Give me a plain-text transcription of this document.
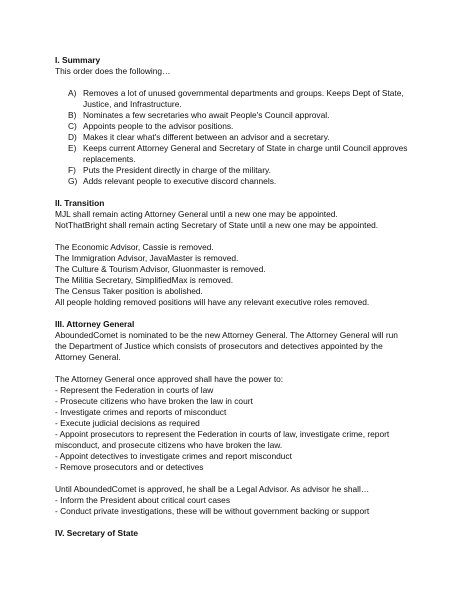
I. Summary

This order does the following…

A) Removes a lot of unused governmental departments and groups. Keeps Dept of State, Justice, and Infrastructure.
B) Nominates a few secretaries who await People's Council approval.
C) Appoints people to the advisor positions.
D) Makes it clear what's different between an advisor and a secretary.
E) Keeps current Attorney General and Secretary of State in charge until Council approves replacements.
F) Puts the President directly in charge of the military.
G) Adds relevant people to executive discord channels.

II. Transition

MJL shall remain acting Attorney General until a new one may be appointed.

NotThatBright shall remain acting Secretary of State until a new one may be appointed.

The Economic Advisor, Cassie is removed.

The Immigration Advisor, JavaMaster is removed.

The Culture & Tourism Advisor, Gluonmaster is removed.

The Militia Secretary, SimplifiedMax is removed.

The Census Taker position is abolished.

All people holding removed positions will have any relevant executive roles removed.

III. Attorney General

AboundedComet is nominated to be the new Attorney General. The Attorney General will run the Department of Justice which consists of prosecutors and detectives appointed by the Attorney General.

The Attorney General once approved shall have the power to:

- Represent the Federation in courts of law

- Prosecute citizens who have broken the law in court

- Investigate crimes and reports of misconduct

- Execute judicial decisions as required

- Appoint prosecutors to represent the Federation in courts of law, investigate crime, report misconduct, and prosecute citizens who have broken the law.

- Appoint detectives to investigate crimes and report misconduct

- Remove prosecutors and or detectives

Until AboundedComet is approved, he shall be a Legal Advisor. As advisor he shall…

- Inform the President about critical court cases

- Conduct private investigations, these will be without government backing or support

IV. Secretary of State
